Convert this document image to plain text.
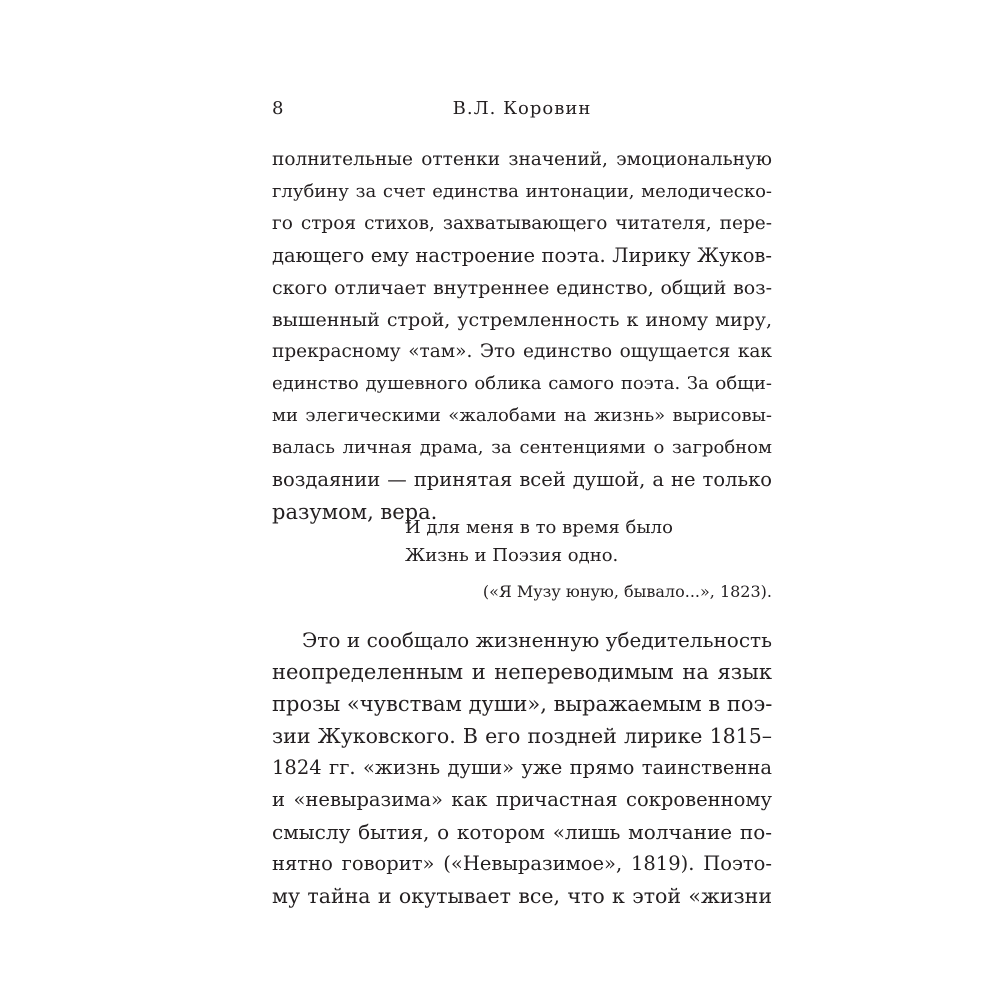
8	В.Л. Коровин
полнительные оттенки значений, эмоциональную
глубину за счет единства интонации, мелодическо-
го строя стихов, захватывающего читателя, пере-
дающего ему настроение поэта. Лирику Жуков-
ского отличает внутреннее единство, общий воз-
вышенный строй, устремленность к иному миру,
прекрасному «там». Это единство ощущается как
единство душевного облика самого поэта. За общи-
ми элегическими «жалобами на жизнь» вырисовы-
валась личная драма, за сентенциями о загробном
воздаянии — принятая всей душой, а не только
разумом, вера.
И для меня в то время было
Жизнь и Поэзия одно.
(«Я Музу юную, бывало...», 1823).
Это и сообщало жизненную убедительность
неопределенным и непереводимым на язык
прозы «чувствам души», выражаемым в поэ-
зии Жуковского. В его поздней лирике 1815–
1824 гг. «жизнь души» уже прямо таинственна
и «невыразима» как причастная сокровенному
смыслу бытия, о котором «лишь молчание по-
нятно говорит» («Невыразимое», 1819). Поэто-
му тайна и окутывает все, что к этой «жизни
